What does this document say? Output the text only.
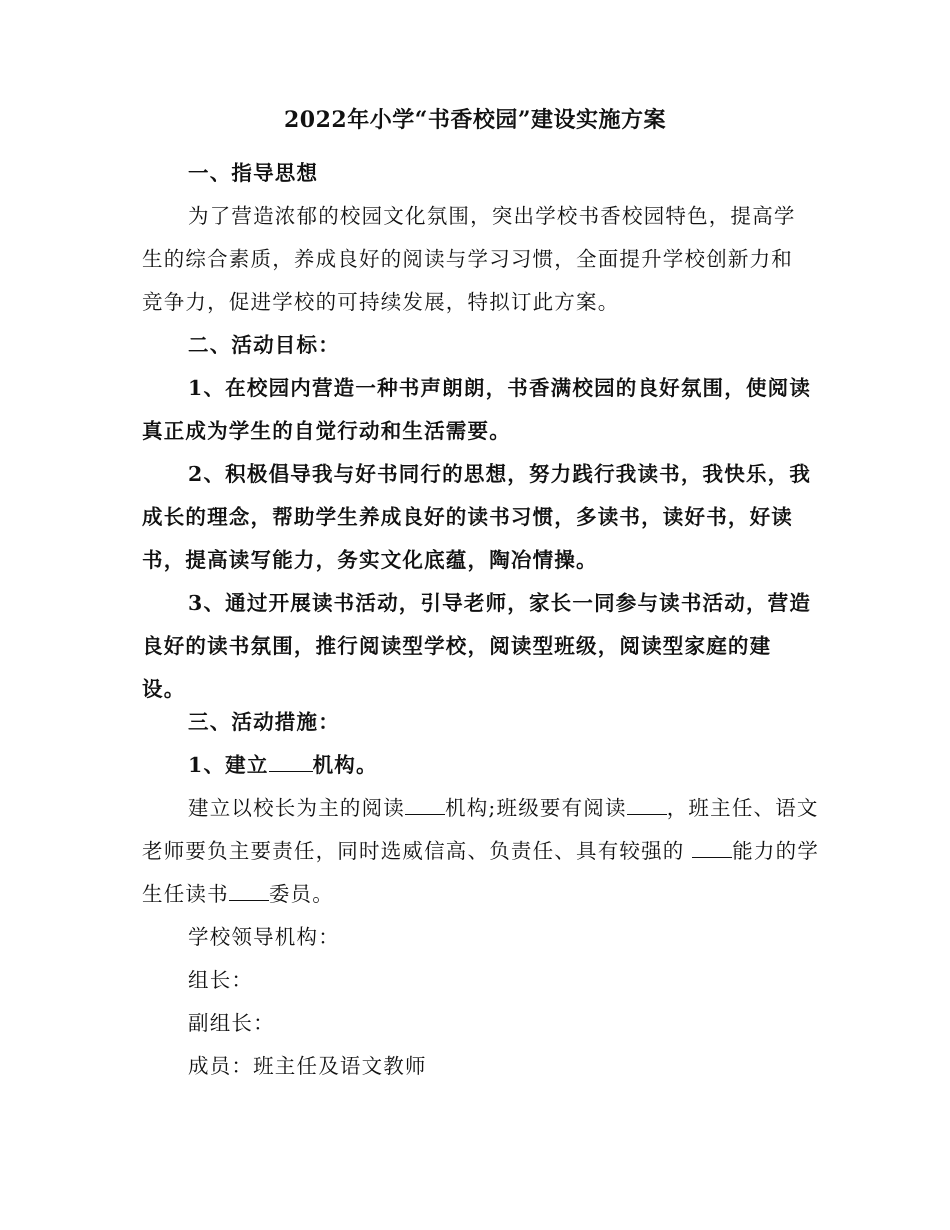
2022年小学“书香校园”建设实施方案
一、指导思想
为了营造浓郁的校园文化氛围，突出学校书香校园特色，提高学
生的综合素质，养成良好的阅读与学习习惯，全面提升学校创新力和
竞争力，促进学校的可持续发展，特拟订此方案。
二、活动目标：
1、在校园内营造一种书声朗朗，书香满校园的良好氛围，使阅读
真正成为学生的自觉行动和生活需要。
2、积极倡导我与好书同行的思想，努力践行我读书，我快乐，我
成长的理念，帮助学生养成良好的读书习惯，多读书，读好书，好读
书，提高读写能力，务实文化底蕴，陶冶情操。
3、通过开展读书活动，引导老师，家长一同参与读书活动，营造
良好的读书氛围，推行阅读型学校，阅读型班级，阅读型家庭的建
设。
三、活动措施：
1、建立 机构。
建立以校长为主的阅读 机构;班级要有阅读 ，班主任、语文
老师要负主要责任，同时选威信高、负责任、具有较强的 能力的学
生任读书 委员。
学校领导机构：
组长：
副组长：
成员：班主任及语文教师
